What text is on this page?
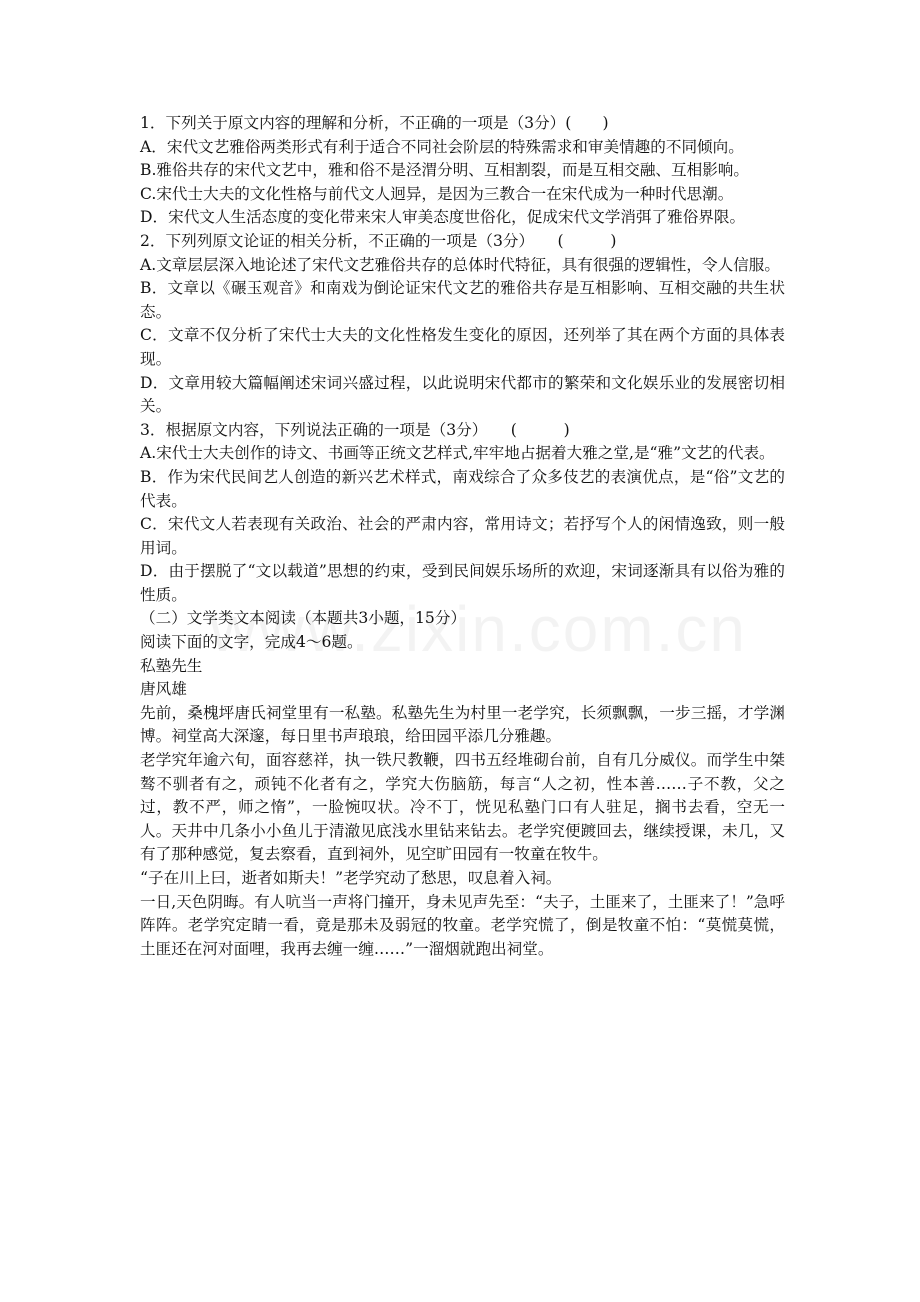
1．下列关于原文内容的理解和分析，不正确的一项是（3分）(　　)

A．宋代文艺雅俗两类形式有利于适合不同社会阶层的特殊需求和审美情趣的不同倾向。

B.雅俗共存的宋代文艺中，雅和俗不是泾渭分明、互相割裂，而是互相交融、互相影响。

C.宋代士大夫的文化性格与前代文人迥异，是因为三教合一在宋代成为一种时代思潮。

D．宋代文人生活态度的变化带来宋人审美态度世俗化，促成宋代文学消弭了雅俗界限。

2．下列列原文论证的相关分析，不正确的一项是（3分）　　(　　　)

A.文章层层深入地论述了宋代文艺雅俗共存的总体时代特征，具有很强的逻辑性，令人信服。

B．文章以《碾玉观音》和南戏为倒论证宋代文艺的雅俗共存是互相影响、互相交融的共生状态。

C．文章不仅分析了宋代士大夫的文化性格发生变化的原因，还列举了其在两个方面的具体表现。

D．文章用较大篇幅阐述宋词兴盛过程，以此说明宋代都市的繁荣和文化娱乐业的发展密切相关。

3．根据原文内容，下列说法正确的一项是（3分）　　(　　　)

A.宋代士大夫创作的诗文、书画等正统文艺样式,牢牢地占据着大雅之堂,是“雅”文艺的代表。

B．作为宋代民间艺人创造的新兴艺术样式，南戏综合了众多伎艺的表演优点，是“俗”文艺的代表。

C．宋代文人若表现有关政治、社会的严肃内容，常用诗文；若抒写个人的闲情逸致，则一般用词。

D．由于摆脱了“文以载道”思想的约束，受到民间娱乐场所的欢迎，宋词逐渐具有以俗为雅的性质。

（二）文学类文本阅读（本题共3小题，15分）

阅读下面的文字，完成4～6题。

私塾先生

唐风雄

先前，桑槐坪唐氏祠堂里有一私塾。私塾先生为村里一老学究，长须飘飘，一步三摇，才学渊博。祠堂高大深邃，每日里书声琅琅，给田园平添几分雅趣。

老学究年逾六旬，面容慈祥，执一铁尺教鞭，四书五经堆砌台前，自有几分威仪。而学生中桀骜不驯者有之，顽钝不化者有之，学究大伤脑筋，每言“人之初，性本善……子不教，父之过，教不严，师之惰”，一脸惋叹状。冷不丁，恍见私塾门口有人驻足，搁书去看，空无一人。天井中几条小小鱼儿于清澈见底浅水里钻来钻去。老学究便踱回去，继续授课，未几，又有了那种感觉，复去察看，直到祠外，见空旷田园有一牧童在牧牛。

“子在川上曰，逝者如斯夫！”老学究动了愁思，叹息着入祠。

一日,天色阴晦。有人吭当一声将门撞开，身未见声先至：“夫子，土匪来了，土匪来了！”急呼阵阵。老学究定睛一看，竟是那未及弱冠的牧童。老学究慌了，倒是牧童不怕：“莫慌莫慌，土匪还在河对面哩，我再去缠一缠……”一溜烟就跑出祠堂。
